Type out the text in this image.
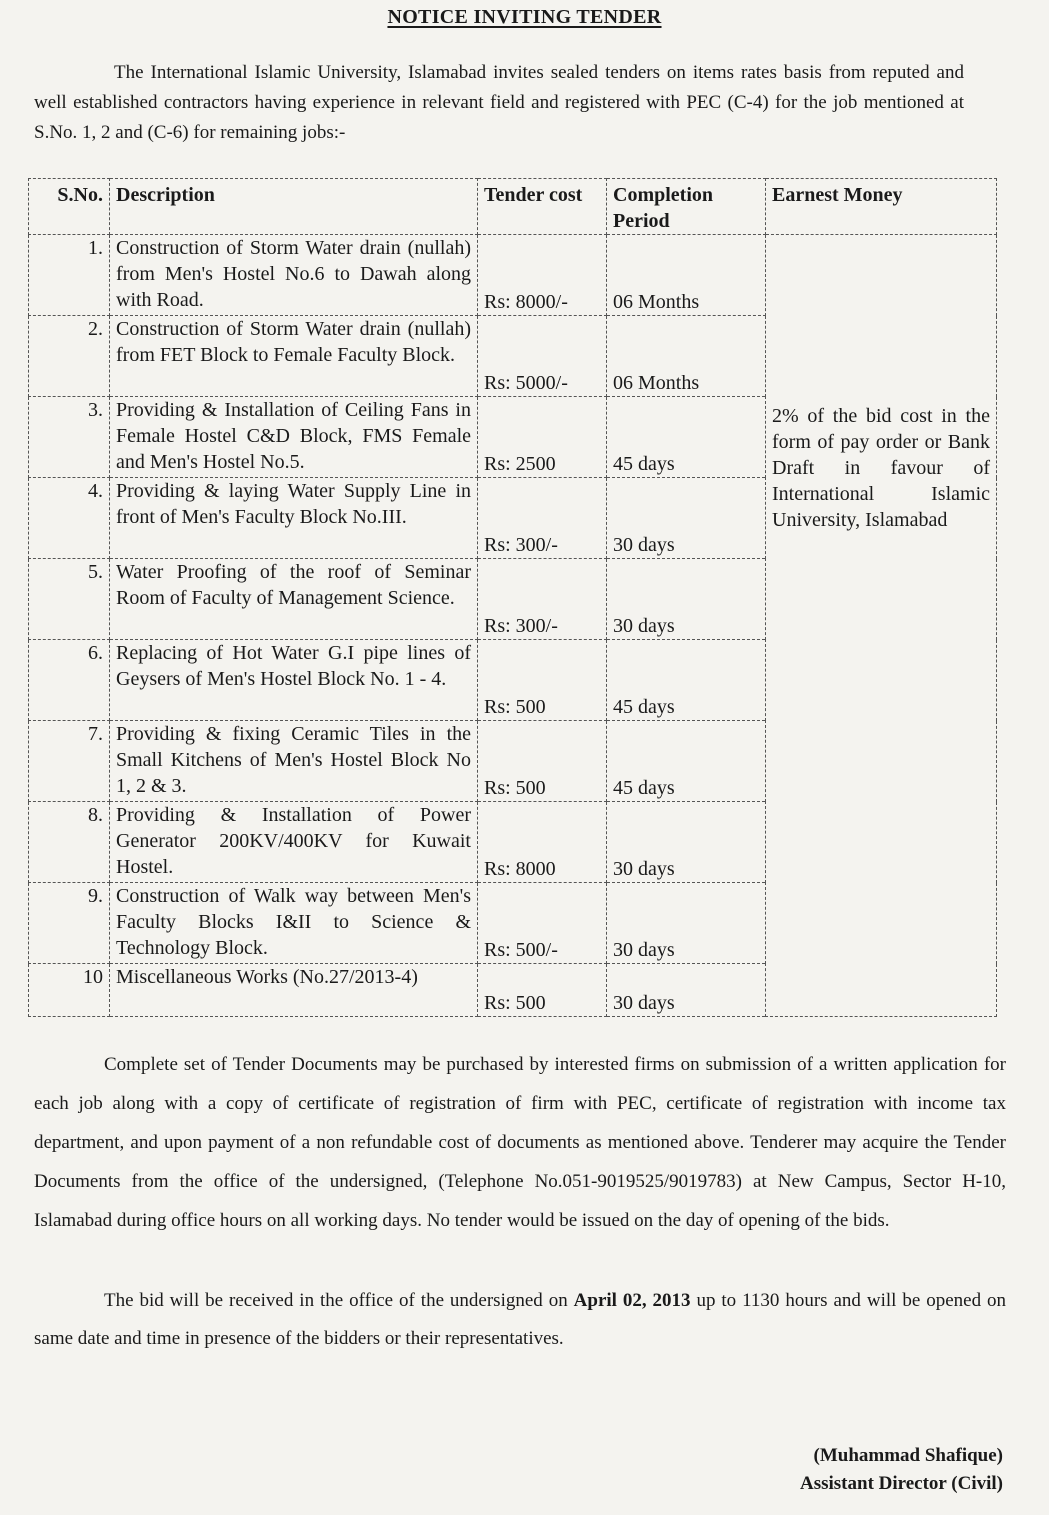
NOTICE INVITING TENDER
The International Islamic University, Islamabad invites sealed tenders on items rates basis from reputed and well established contractors having experience in relevant field and registered with PEC (C-4) for the job mentioned at S.No. 1, 2 and (C-6) for remaining jobs:-
S.No.	Description	Tender cost	Completion Period	Earnest Money
1.	Construction of Storm Water drain (nullah) from Men's Hostel No.6 to Dawah along with Road.	Rs: 8000/-	06 Months	2% of the bid cost in the form of pay order or Bank Draft in favour of International Islamic University, Islamabad

2.	Construction of Storm Water drain (nullah) from FET Block to Female Faculty Block.	Rs: 5000/-	06 Months	
3.	Providing & Installation of Ceiling Fans in Female Hostel C&D Block, FMS Female and Men's Hostel No.5.	Rs: 2500	45 days	
4.	Providing & laying Water Supply Line in front of Men's Faculty Block No.III.	Rs: 300/-	30 days	
5.	Water Proofing of the roof of Seminar Room of Faculty of Management Science.	Rs: 300/-	30 days	
6.	Replacing of Hot Water G.I pipe lines of Geysers of Men's Hostel Block No. 1 - 4.	Rs: 500	45 days	
7.	Providing & fixing Ceramic Tiles in the Small Kitchens of Men's Hostel Block No 1, 2 & 3.	Rs: 500	45 days	
8.	Providing & Installation of Power Generator 200KV/400KV for Kuwait Hostel.	Rs: 8000	30 days	
9.	Construction of Walk way between Men's Faculty Blocks I&II to Science & Technology Block.	Rs: 500/-	30 days	
10	Miscellaneous Works (No.27/2013-4)	Rs: 500	30 days	
Complete set of Tender Documents may be purchased by interested firms on submission of a written application for each job along with a copy of certificate of registration of firm with PEC, certificate of registration with income tax department, and upon payment of a non refundable cost of documents as mentioned above. Tenderer may acquire the Tender Documents from the office of the undersigned, (Telephone No.051-9019525/9019783) at New Campus, Sector H-10, Islamabad during office hours on all working days. No tender would be issued on the day of opening of the bids.
The bid will be received in the office of the undersigned on April 02, 2013 up to 1130 hours and will be opened on same date and time in presence of the bidders or their representatives.
(Muhammad Shafique)
Assistant Director (Civil)
